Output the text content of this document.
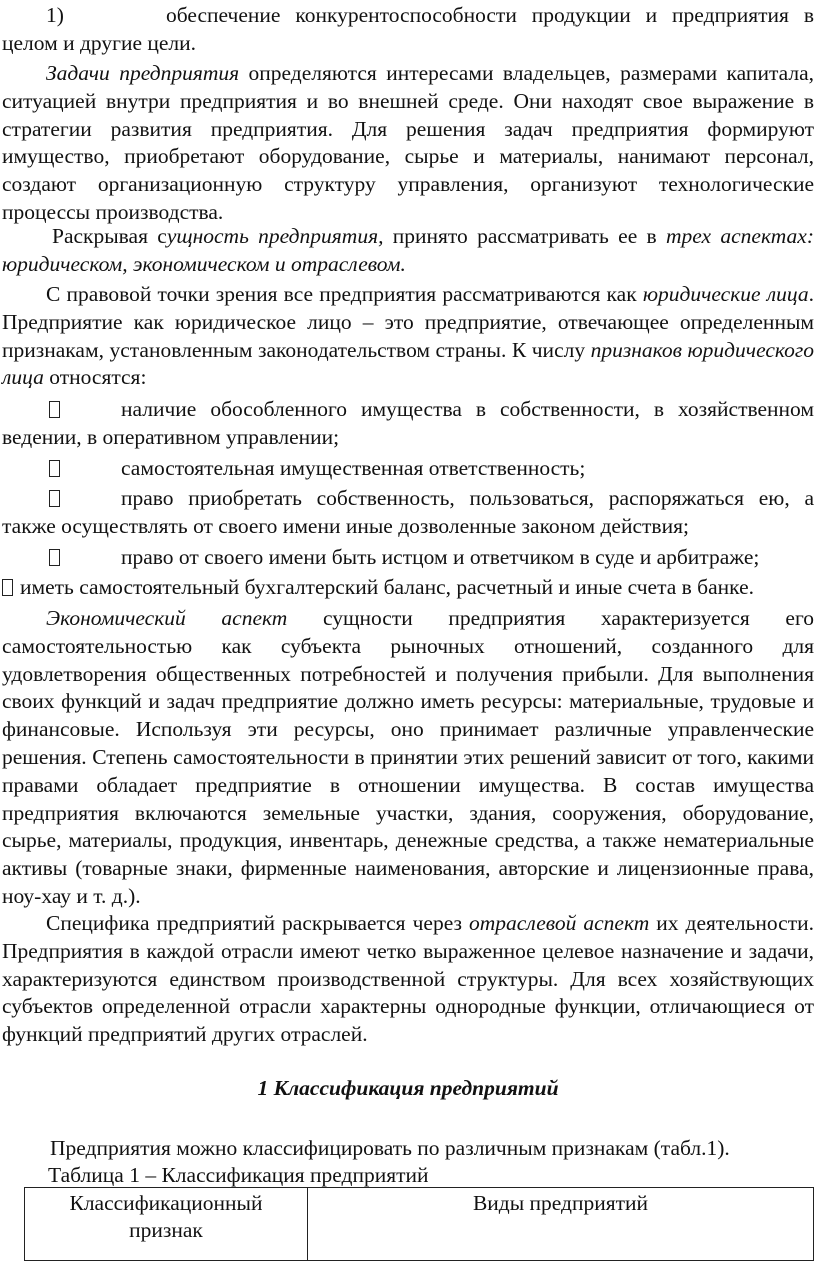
1)	обеспечение конкурентоспособности продукции и предприятия в целом и другие цели.
Задачи предприятия определяются интересами владельцев, размерами капитала, ситуацией внутри предприятия и во внешней среде. Они находят свое выражение в стратегии развития предприятия. Для решения задач предприятия формируют имущество, приобретают оборудование, сырье и материалы, нанимают персонал, создают организационную структуру управления, организуют технологические процессы производства.
Раскрывая сущность предприятия, принято рассматривать ее в трех аспектах: юридическом, экономическом и отраслевом.
С правовой точки зрения все предприятия рассматриваются как юридические лица. Предприятие как юридическое лицо – это предприятие, отвечающее определенным признакам, установленным законодательством страны. К числу признаков юридического лица относятся:
наличие обособленного имущества в собственности, в хозяйственном ведении, в оперативном управлении;
самостоятельная имущественная ответственность;
право приобретать собственность, пользоваться, распоряжаться ею, а также осуществлять от своего имени иные дозволенные законом действия;
право от своего имени быть истцом и ответчиком в суде и арбитраже;
иметь самостоятельный бухгалтерский баланс, расчетный и иные счета в банке.
Экономический аспект сущности предприятия характеризуется его самостоятельностью как субъекта рыночных отношений, созданного для удовлетворения общественных потребностей и получения прибыли. Для выполнения своих функций и задач предприятие должно иметь ресурсы: материальные, трудовые и финансовые. Используя эти ресурсы, оно принимает различные управленческие решения. Степень самостоятельности в принятии этих решений зависит от того, какими правами обладает предприятие в отношении имущества. В состав имущества предприятия включаются земельные участки, здания, сооружения, оборудование, сырье, материалы, продукция, инвентарь, денежные средства, а также нематериальные активы (товарные знаки, фирменные наименования, авторские и лицензионные права, ноу-хау и т. д.).
Специфика предприятий раскрывается через отраслевой аспект их деятельности. Предприятия в каждой отрасли имеют четко выраженное целевое назначение и задачи, характеризуются единством производственной структуры. Для всех хозяйствующих субъектов определенной отрасли характерны однородные функции, отличающиеся от функций предприятий других отраслей.
1 Классификация предприятий
Предприятия можно классифицировать по различным признакам (табл.1).
Таблица 1 – Классификация предприятий
Классификационный признак	Виды предприятий
